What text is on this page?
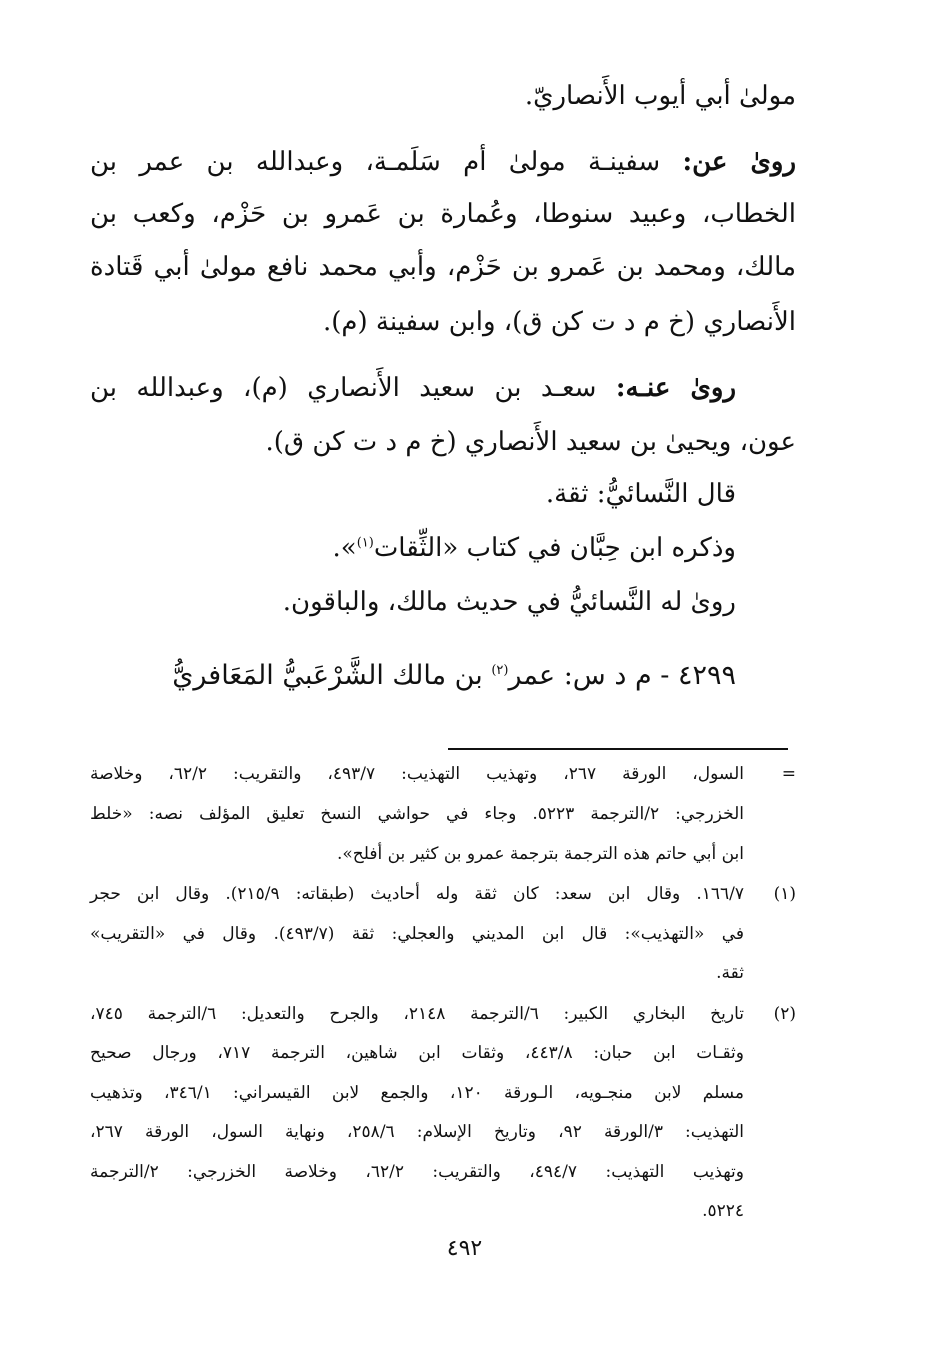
مولىٰ أبي أيوب الأَنصاريّ.
رویٰ عن: سفينـة مولىٰ أم سَلَمـة، وعبدالله بن عمر بن
الخطاب، وعبيد سنوطا، وعُمارة بن عَمرو بن حَزْم، وكعب بن
مالك، ومحمد بن عَمرو بن حَزْم، وأبي محمد نافع مولىٰ أبي قَتادة
الأَنصاري (خ م د ت كن ق)، وابن سفينة (م).
رویٰ عنـه: سعـد بن سعيد الأَنصاري (م)، وعبدالله بن
عون، ويحيىٰ بن سعيد الأَنصاري (خ م د ت كن ق).
قال النَّسائيُّ: ثقة.
وذكره ابن حِبَّان في كتاب «الثِّقات$^{(١)}$».
رویٰ له النَّسائيُّ في حديث مالك، والباقون.
٤٢٩٩ - م د س: عمر$^{(٢)}$ بن مالك الشَّرْعَبيُّ المَعَافريُّ
=
السول، الورقة ٢٦٧، وتهذيب التهذيب: ٤٩٣/٧، والتقريب: ٦٢/٢، وخلاصة
الخزرجي: ٢/الترجمة ٥٢٢٣. وجاء في حواشي النسخ تعليق المؤلف نصه: «خلط
ابن أبي حاتم هذه الترجمة بترجمة عمرو بن كثير بن أفلح».
(١)
١٦٦/٧. وقال ابن سعد: كان ثقة وله أحاديث (طبقاته: ٢١٥/٩). وقال ابن حجر
في «التهذيب»: قال ابن المديني والعجلي: ثقة (٤٩٣/٧). وقال في «التقريب»
ثقة.
(٢)
تاريخ البخاري الكبير: ٦/الترجمة ٢١٤٨، والجرح والتعديل: ٦/الترجمة ٧٤٥،
وثقـات ابن حبان: ٤٤٣/٨، وثقات ابن شاهين، الترجمة ٧١٧، ورجال صحيح
مسلم لابن منجـويه، الـورقة ١٢٠، والجمع لابن القيسراني: ٣٤٦/١، وتذهيب
التهذيب: ٣/الورقة ٩٢، وتاريخ الإسلام: ٢٥٨/٦، ونهاية السول، الورقة ٢٦٧،
وتهذيب التهذيب: ٤٩٤/٧، والتقريب: ٦٢/٢، وخلاصة الخزرجي: ٢/الترجمة
٥٢٢٤.
٤٩٢
